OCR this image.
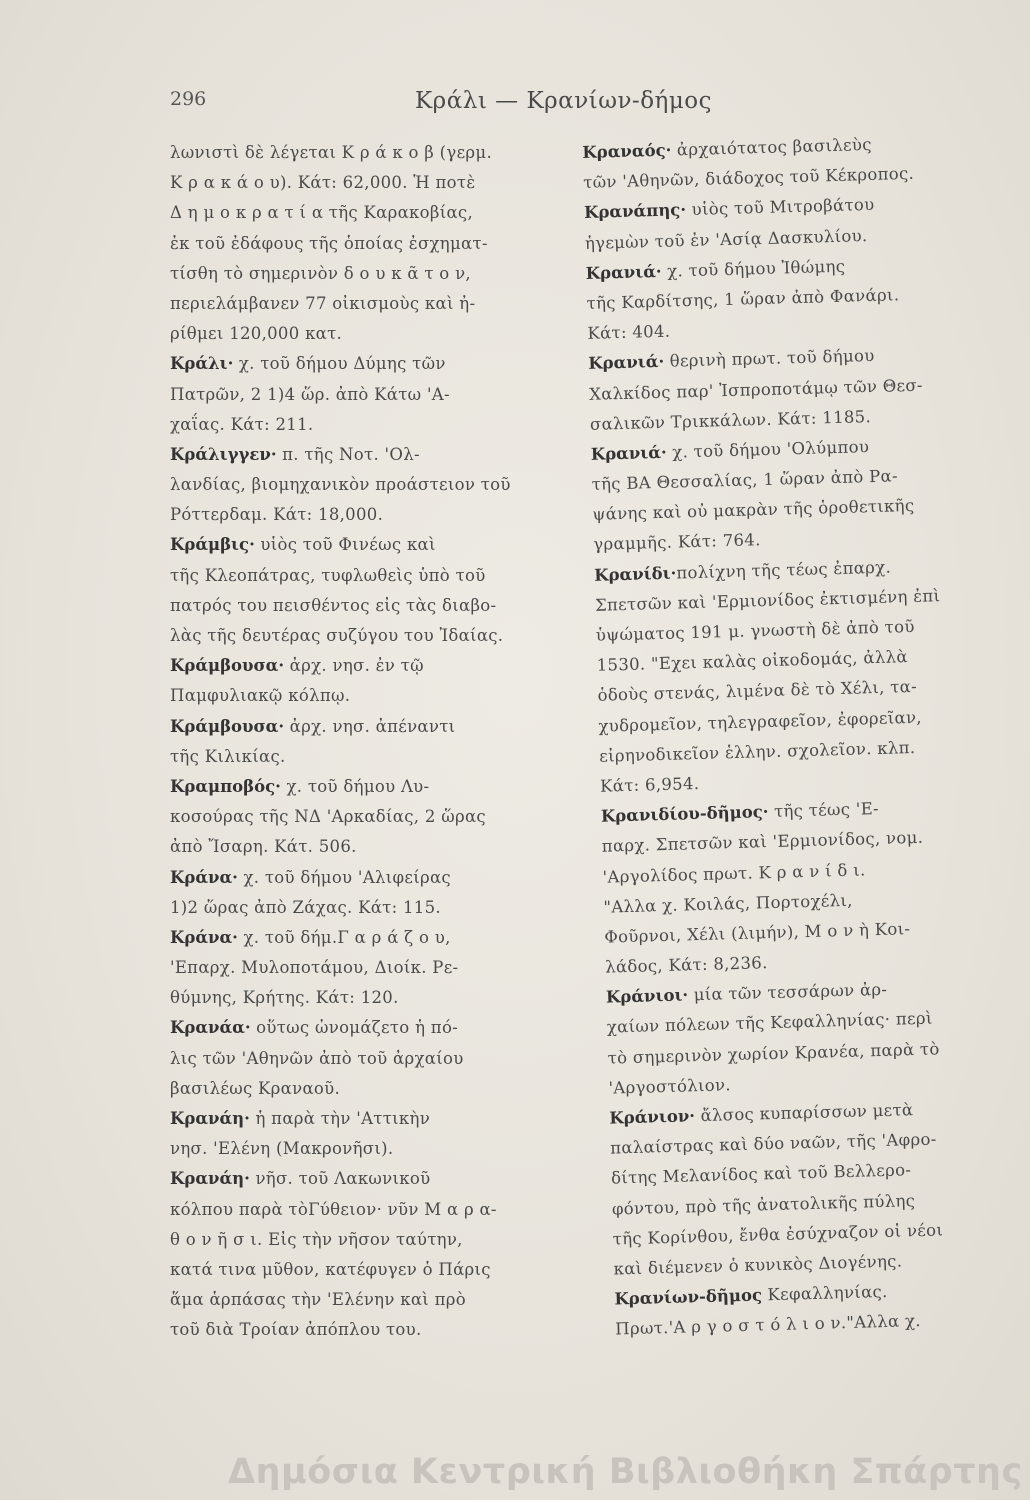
296	Κράλι — Κρανίων-δήμος
λωνιστὶ δὲ λέγεται Κ ρ ά κ ο β (γερμ.
Κ ρ α κ ά ο υ). Κάτ: 62,000. Ἡ ποτὲ
Δ η μ ο κ ρ α τ ί α τῆς Καρακοβίας,
ἐκ τοῦ ἐδάφους τῆς ὁποίας ἐσχηματ-
τίσθη τὸ σημερινὸν δ ο υ κ ᾶ τ ο ν,
περιελάμβανεν 77 οἰκισμοὺς καὶ ἠ-
ρίθμει 120,000 κατ.
Κράλι· χ. τοῦ δήμου Δύμης τῶν
Πατρῶν, 2 1)4 ὥρ. ἀπὸ Κάτω 'Α-
χαΐας. Κάτ: 211.
Κράλιγγεν· π. τῆς Νοτ. 'Ολ-
λανδίας, βιομηχανικὸν προάστειον τοῦ
Ρόττερδαμ. Κάτ: 18,000.
Κράμβις· υἱὸς τοῦ Φινέως καὶ
τῆς Κλεοπάτρας, τυφλωθεὶς ὑπὸ τοῦ
πατρός του πεισθέντος εἰς τὰς διαβο-
λὰς τῆς δευτέρας συζύγου του Ἰδαίας.
Κράμβουσα· ἀρχ. νησ. ἐν τῷ
Παμφυλιακῷ κόλπῳ.
Κράμβουσα· ἀρχ. νησ. ἀπέναντι
τῆς Κιλικίας.
Κραμποβός· χ. τοῦ δήμου Λυ-
κοσούρας τῆς ΝΔ 'Αρκαδίας, 2 ὥρας
ἀπὸ Ἴσαρη. Κάτ. 506.
Κράνα· χ. τοῦ δήμου 'Αλιφείρας
1)2 ὥρας ἀπὸ Ζάχας. Κάτ: 115.
Κράνα· χ. τοῦ δήμ.Γ α ρ ά ζ ο υ,
'Επαρχ. Μυλοποτάμου, Διοίκ. Ρε-
θύμνης, Κρήτης. Κάτ: 120.
Κρανάα· οὕτως ὠνομάζετο ἡ πό-
λις τῶν 'Αθηνῶν ἀπὸ τοῦ ἀρχαίου
βασιλέως Κραναοῦ.
Κρανάη· ἡ παρὰ τὴν 'Αττικὴν
νησ. 'Ελένη (Μακρονῆσι).
Κρανάη· νῆσ. τοῦ Λακωνικοῦ
κόλπου παρὰ τὸΓύθειον· νῦν Μ α ρ α-
θ ο ν ῆ σ ι. Εἰς τὴν νῆσον ταύτην,
κατά τινα μῦθον, κατέφυγεν ὁ Πάρις
ἅμα ἁρπάσας τὴν 'Ελένην καὶ πρὸ
τοῦ διὰ Τροίαν ἀπόπλου του.
Κραναός· ἀρχαιότατος βασιλεὺς
τῶν 'Αθηνῶν, διάδοχος τοῦ Κέκροπος.
Κρανάπης· υἱὸς τοῦ Μιτροβάτου
ἡγεμὼν τοῦ ἐν 'Ασίᾳ Δασκυλίου.
Κρανιά· χ. τοῦ δήμου Ἰθώμης
τῆς Καρδίτσης, 1 ὥραν ἀπὸ Φανάρι.
Κάτ: 404.
Κρανιά· θερινὴ πρωτ. τοῦ δήμου
Χαλκίδος παρ' Ἰσπροποτάμῳ τῶν Θεσ-
σαλικῶν Τρικκάλων. Κάτ: 1185.
Κρανιά· χ. τοῦ δήμου 'Ολύμπου
τῆς ΒΑ Θεσσαλίας, 1 ὥραν ἀπὸ Ρα-
ψάνης καὶ οὐ μακρὰν τῆς ὁροθετικῆς
γραμμῆς. Κάτ: 764.
Κρανίδι·πολίχνη τῆς τέως ἐπαρχ.
Σπετσῶν καὶ 'Ερμιονίδος ἐκτισμένη ἐπὶ
ὑψώματος 191 μ. γνωστὴ δὲ ἀπὸ τοῦ
1530. "Εχει καλὰς οἰκοδομάς, ἀλλὰ
ὁδοὺς στενάς, λιμένα δὲ τὸ Χέλι, τα-
χυδρομεῖον, τηλεγραφεῖον, ἐφορεῖαν,
εἰρηνοδικεῖον ἑλλην. σχολεῖον. κλπ.
Κάτ: 6,954.
Κρανιδίου-δῆμος· τῆς τέως 'Ε-
παρχ. Σπετσῶν καὶ 'Ερμιονίδος, νομ.
'Αργολίδος πρωτ. Κ ρ α ν ί δ ι.
"Αλλα χ. Κοιλάς, Πορτοχέλι,
Φοῦρνοι, Χέλι (λιμήν), Μ ο ν ὴ Κοι-
λάδος, Κάτ: 8,236.
Κράνιοι· μία τῶν τεσσάρων ἀρ-
χαίων πόλεων τῆς Κεφαλληνίας· περὶ
τὸ σημερινὸν χωρίον Κρανέα, παρὰ τὸ
'Αργοστόλιον.
Κράνιον· ἄλσος κυπαρίσσων μετὰ
παλαίστρας καὶ δύο ναῶν, τῆς 'Αφρο-
δίτης Μελανίδος καὶ τοῦ Βελλερο-
φόντου, πρὸ τῆς ἀνατολικῆς πύλης
τῆς Κορίνθου, ἔνθα ἐσύχναζον οἱ νέοι
καὶ διέμενεν ὁ κυνικὸς Διογένης.
Κρανίων-δῆμος Κεφαλληνίας.
Πρωτ.'Α ρ γ ο σ τ ό λ ι ο ν."Αλλα χ.
Δημόσια Κεντρική Βιβλιοθήκη Σπάρτης
